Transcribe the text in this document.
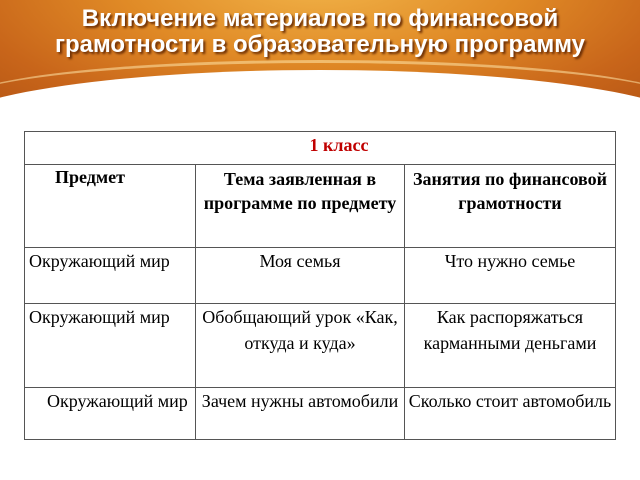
Включение материалов по финансовой
грамотности в образовательную программу
1 класс		

Предмет	Тема заявленная в программе по предмету	Занятия по финансовой грамотности

Окружающий мир	Моя семья	Что нужно семье

Окружающий мир	Обобщающий урок «Как, откуда и куда»	Как распоряжаться карманными деньгами

Окружающий мир	Зачем нужны автомобили	Сколько стоит автомобиль
